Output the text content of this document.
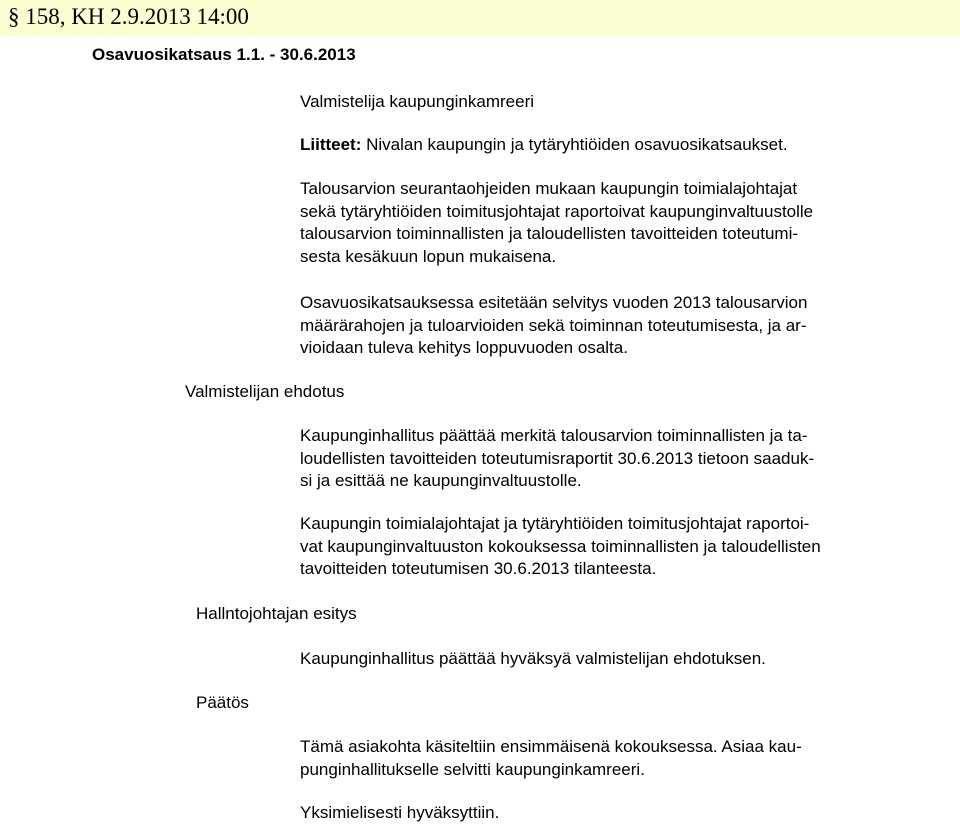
§ 158, KH 2.9.2013 14:00
Osavuosikatsaus 1.1. - 30.6.2013
Valmistelija kaupunginkamreeri
Liitteet: Nivalan kaupungin ja tytäryhtiöiden osavuosikatsaukset.
Talousarvion seurantaohjeiden mukaan kaupungin toimialajohtajat
sekä tytäryhtiöiden toimitusjohtajat raportoivat kaupunginvaltuustolle
talousarvion toiminnallisten ja taloudellisten tavoitteiden toteutumi-
sesta kesäkuun lopun mukaisena.
Osavuosikatsauksessa esitetään selvitys vuoden 2013 talousarvion
määrärahojen ja tuloarvioiden sekä toiminnan toteutumisesta, ja ar-
vioidaan tuleva kehitys loppuvuoden osalta.
Valmistelijan ehdotus
Kaupunginhallitus päättää merkitä talousarvion toiminnallisten ja ta-
loudellisten tavoitteiden toteutumisraportit 30.6.2013 tietoon saaduk-
si ja esittää ne kaupunginvaltuustolle.
Kaupungin toimialajohtajat ja tytäryhtiöiden toimitusjohtajat raportoi-
vat kaupunginvaltuuston kokouksessa toiminnallisten ja taloudellisten
tavoitteiden toteutumisen 30.6.2013 tilanteesta.
Hallntojohtajan esitys
Kaupunginhallitus päättää hyväksyä valmistelijan ehdotuksen.
Päätös
Tämä asiakohta käsiteltiin ensimmäisenä kokouksessa. Asiaa kau-
punginhallitukselle selvitti kaupunginkamreeri.
Yksimielisesti hyväksyttiin.
